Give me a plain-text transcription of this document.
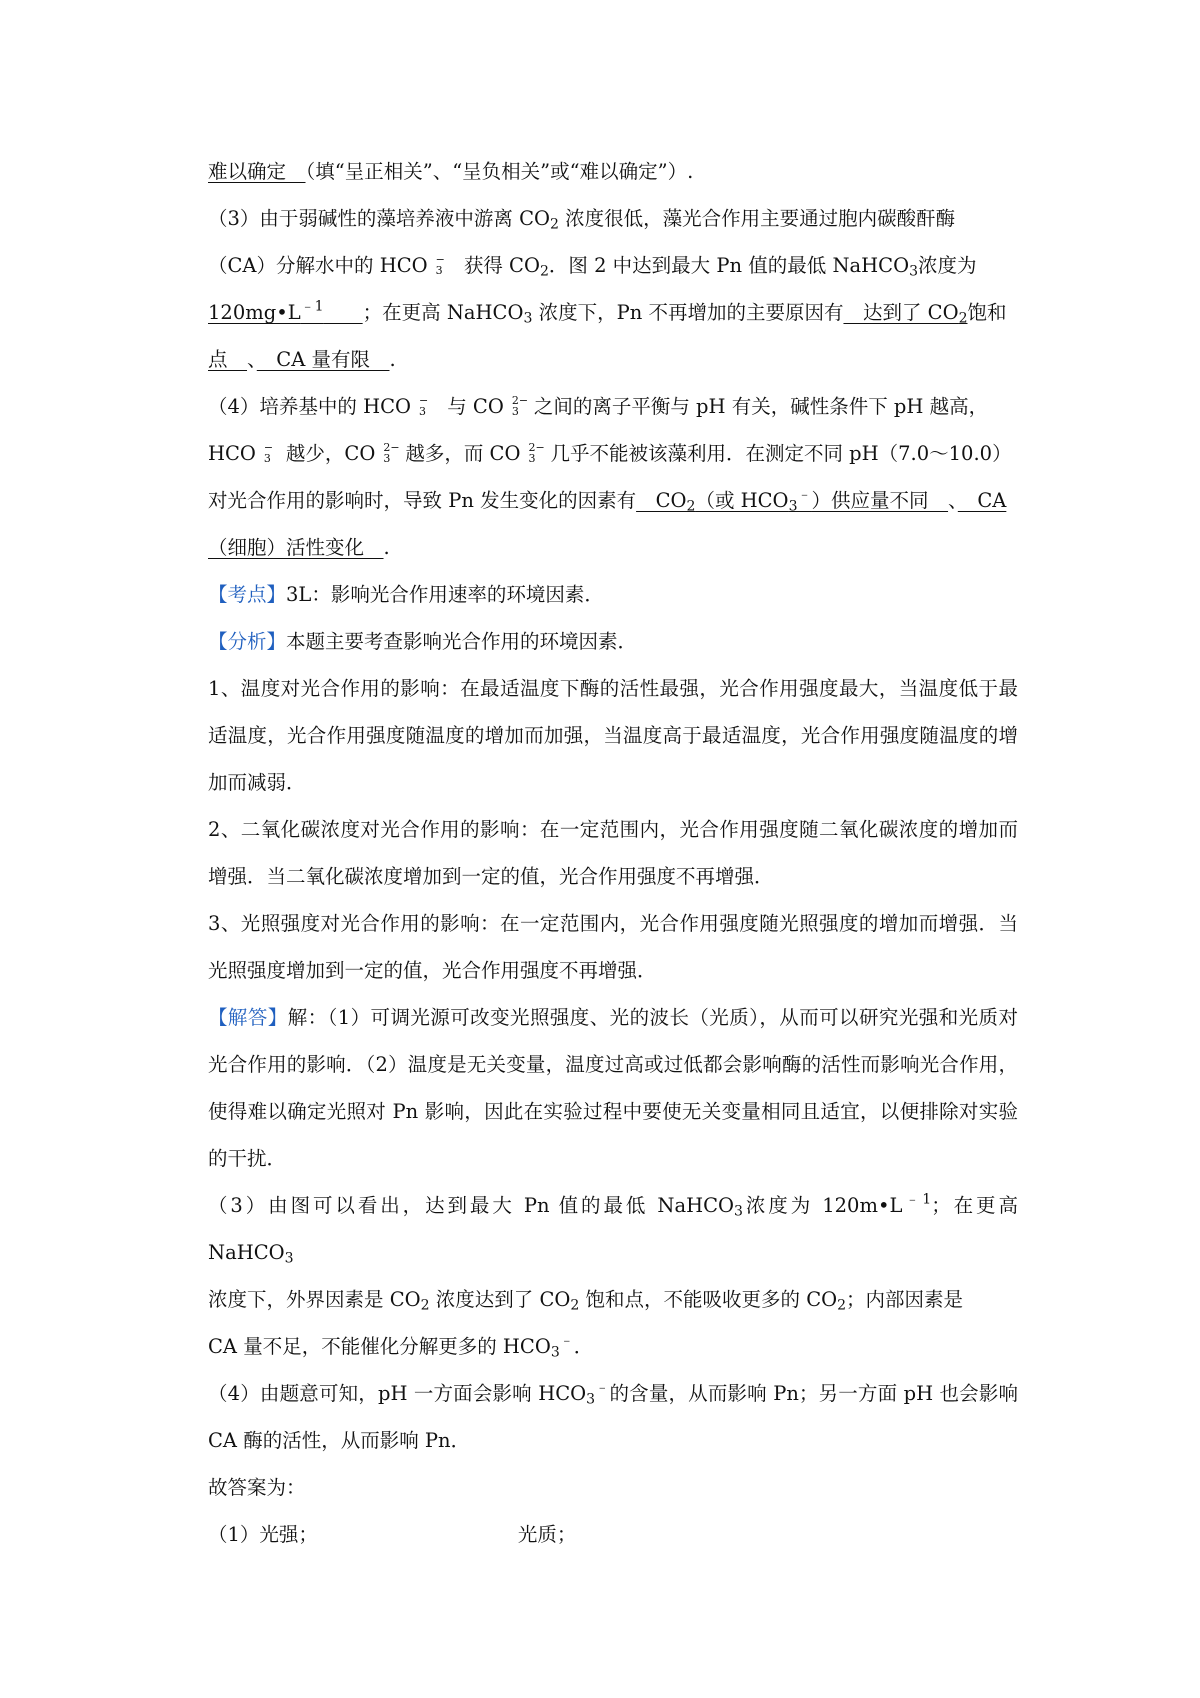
难以确定　（填“呈正相关”、“呈负相关”或“难以确定”）.

（3）由于弱碱性的藻培养液中游离 $CO_2$ 浓度很低，藻光合作用主要通过胞内碳酸酐酶
（CA）分解水中的 HCO −
3 获得 $CO_2$．图 2 中达到最大 Pn 值的最低 NaHCO$_3$浓度为
$120mg•L^{﹣1}$　　 ；在更高 NaHCO$_3$ 浓度下，Pn 不再增加的主要原因有　达到了 $CO_2$饱和
点　、　CA 量有限　.

（4）培养基中的 HCO −
3 与 CO 2−
3 之间的离子平衡与 pH 有关，碱性条件下 pH 越高，
HCO −
3 越少，CO 2−
3 越多，而 CO 2−
3 几乎不能被该藻利用．在测定不同 pH（7.0～10.0）
对光合作用的影响时，导致 Pn 发生变化的因素有　$CO_2$（或 $HCO_3^﹣$）供应量不同　、　CA
（细胞）活性变化　.

【考点】3L：影响光合作用速率的环境因素．

【分析】本题主要考查影响光合作用的环境因素．

1、温度对光合作用的影响：在最适温度下酶的活性最强，光合作用强度最大，当温度低于最适温度，光合作用强度随温度的增加而加强，当温度高于最适温度，光合作用强度随温度的增加而减弱．

2、二氧化碳浓度对光合作用的影响：在一定范围内，光合作用强度随二氧化碳浓度的增加而增强．当二氧化碳浓度增加到一定的值，光合作用强度不再增强．

3、光照强度对光合作用的影响：在一定范围内，光合作用强度随光照强度的增加而增强．当光照强度增加到一定的值，光合作用强度不再增强．

【解答】解：（1）可调光源可改变光照强度、光的波长（光质），从而可以研究光强和光质对光合作用的影响．（2）温度是无关变量，温度过高或过低都会影响酶的活性而影响光合作用，使得难以确定光照对 Pn 影响，因此在实验过程中要使无关变量相同且适宜，以便排除对实验的干扰．

（3）由图可以看出，达到最大 Pn 值的最低 NaHCO$_3$浓度为 $120m•L^{﹣1}$；在更高 NaHCO$_3$
浓度下，外界因素是 $CO_2$ 浓度达到了 $CO_2$ 饱和点，不能吸收更多的 $CO_2$；内部因素是
CA 量不足，不能催化分解更多的 $HCO_3^﹣$．

（4）由题意可知，pH 一方面会影响 $HCO_3^﹣$的含量，从而影响 Pn；另一方面 pH 也会影响 CA 酶的活性，从而影响 Pn．

故答案为：

（1）光强；	光质；
